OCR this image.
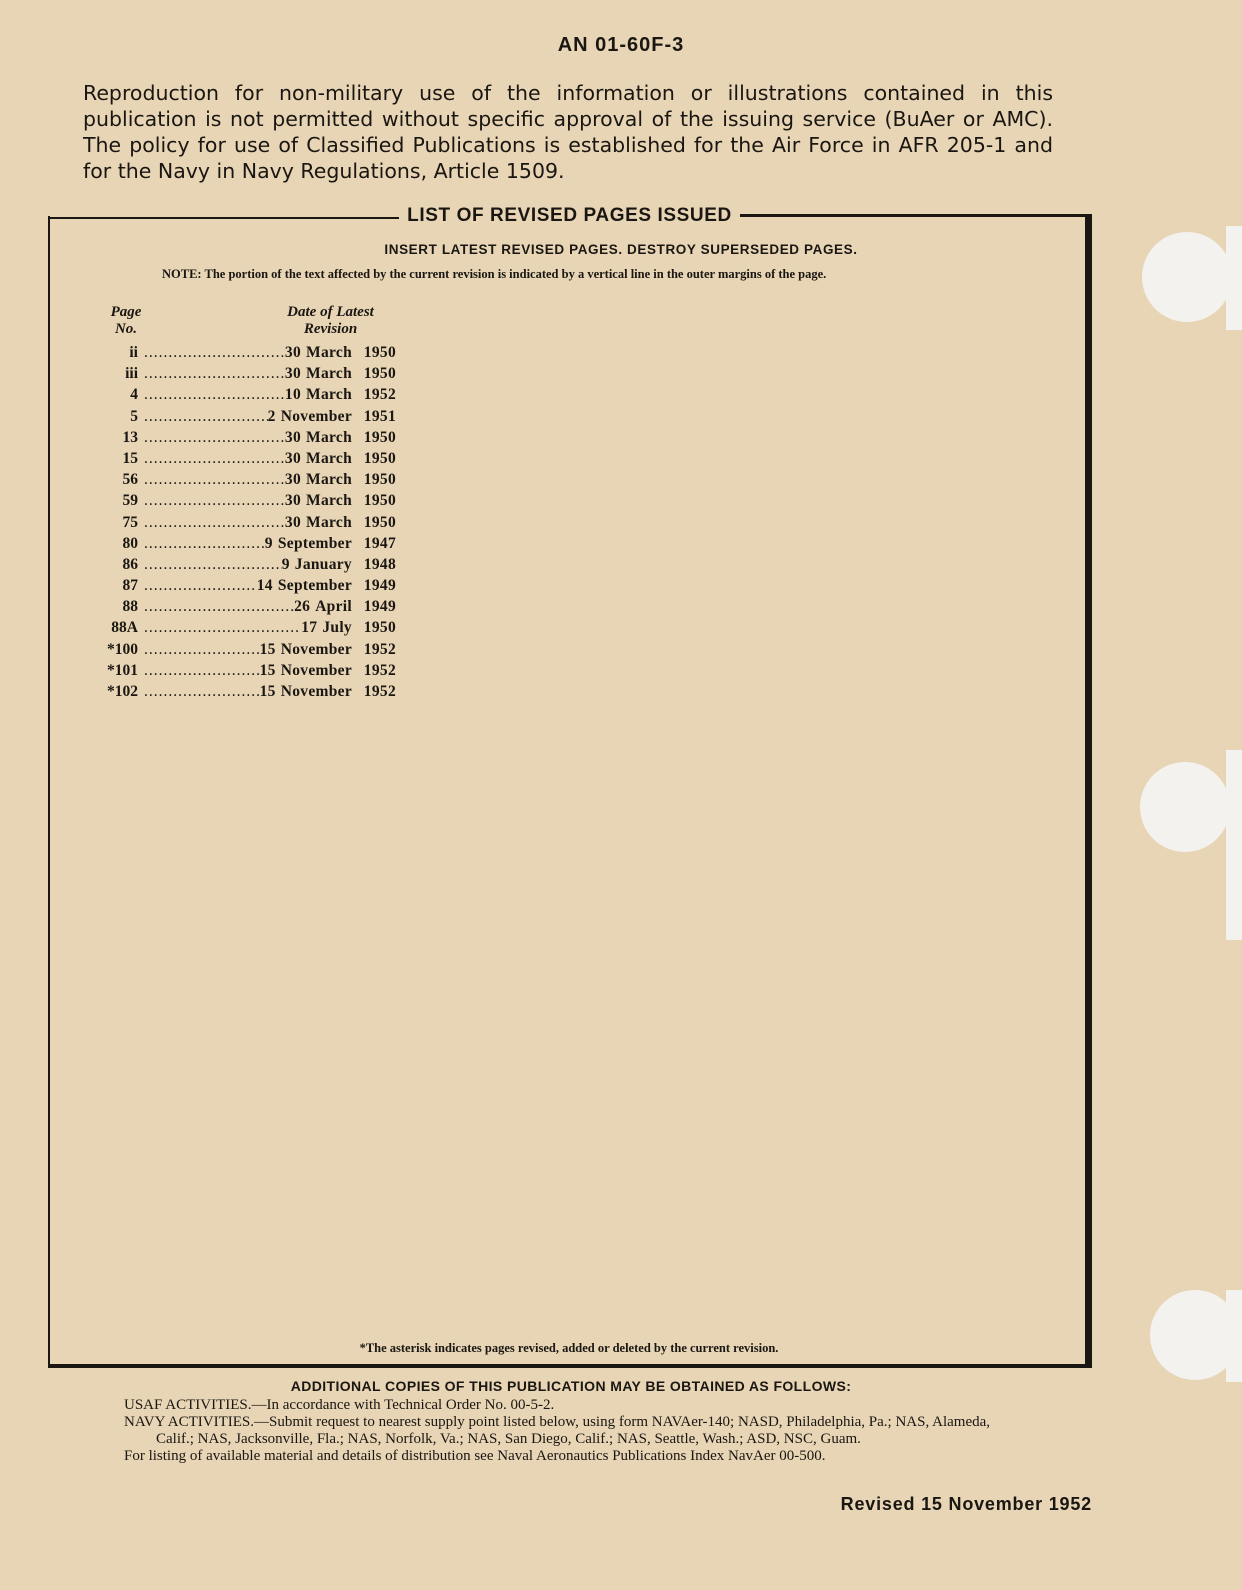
AN 01-60F-3
Reproduction for non-military use of the information or illustrations contained in this publication is not permitted without specific approval of the issuing service (BuAer or AMC). The policy for use of Classified Publications is established for the Air Force in AFR 205-1 and for the Navy in Navy Regulations, Article 1509.
LIST OF REVISED PAGES ISSUED
INSERT LATEST REVISED PAGES. DESTROY SUPERSEDED PAGES.
NOTE: The portion of the text affected by the current revision is indicated by a vertical line in the outer margins of the page.
Page
No.
Date of Latest
Revision
ii .....	30 March 1950
iii .....	30 March 1950
4 .....	10 March 1952
5 .....	2 November 1951
13 .....	30 March 1950
15 .....	30 March 1950
56 .....	30 March 1950
59 .....	30 March 1950
75 .....	30 March 1950
80 .....	9 September 1947
86 .....	9 January 1948
87 .....	14 September 1949
88 .....	26 April 1949
88A .....	17 July 1950
*100 .....	15 November 1952
*101 .....	15 November 1952
*102 .....	15 November 1952
*The asterisk indicates pages revised, added or deleted by the current revision.
ADDITIONAL COPIES OF THIS PUBLICATION MAY BE OBTAINED AS FOLLOWS:
USAF ACTIVITIES.—In accordance with Technical Order No. 00-5-2.
NAVY ACTIVITIES.—Submit request to nearest supply point listed below, using form NAVAer-140; NASD, Philadelphia, Pa.; NAS, Alameda, Calif.; NAS, Jacksonville, Fla.; NAS, Norfolk, Va.; NAS, San Diego, Calif.; NAS, Seattle, Wash.; ASD, NSC, Guam.
For listing of available material and details of distribution see Naval Aeronautics Publications Index NavAer 00-500.
Revised 15 November 1952
